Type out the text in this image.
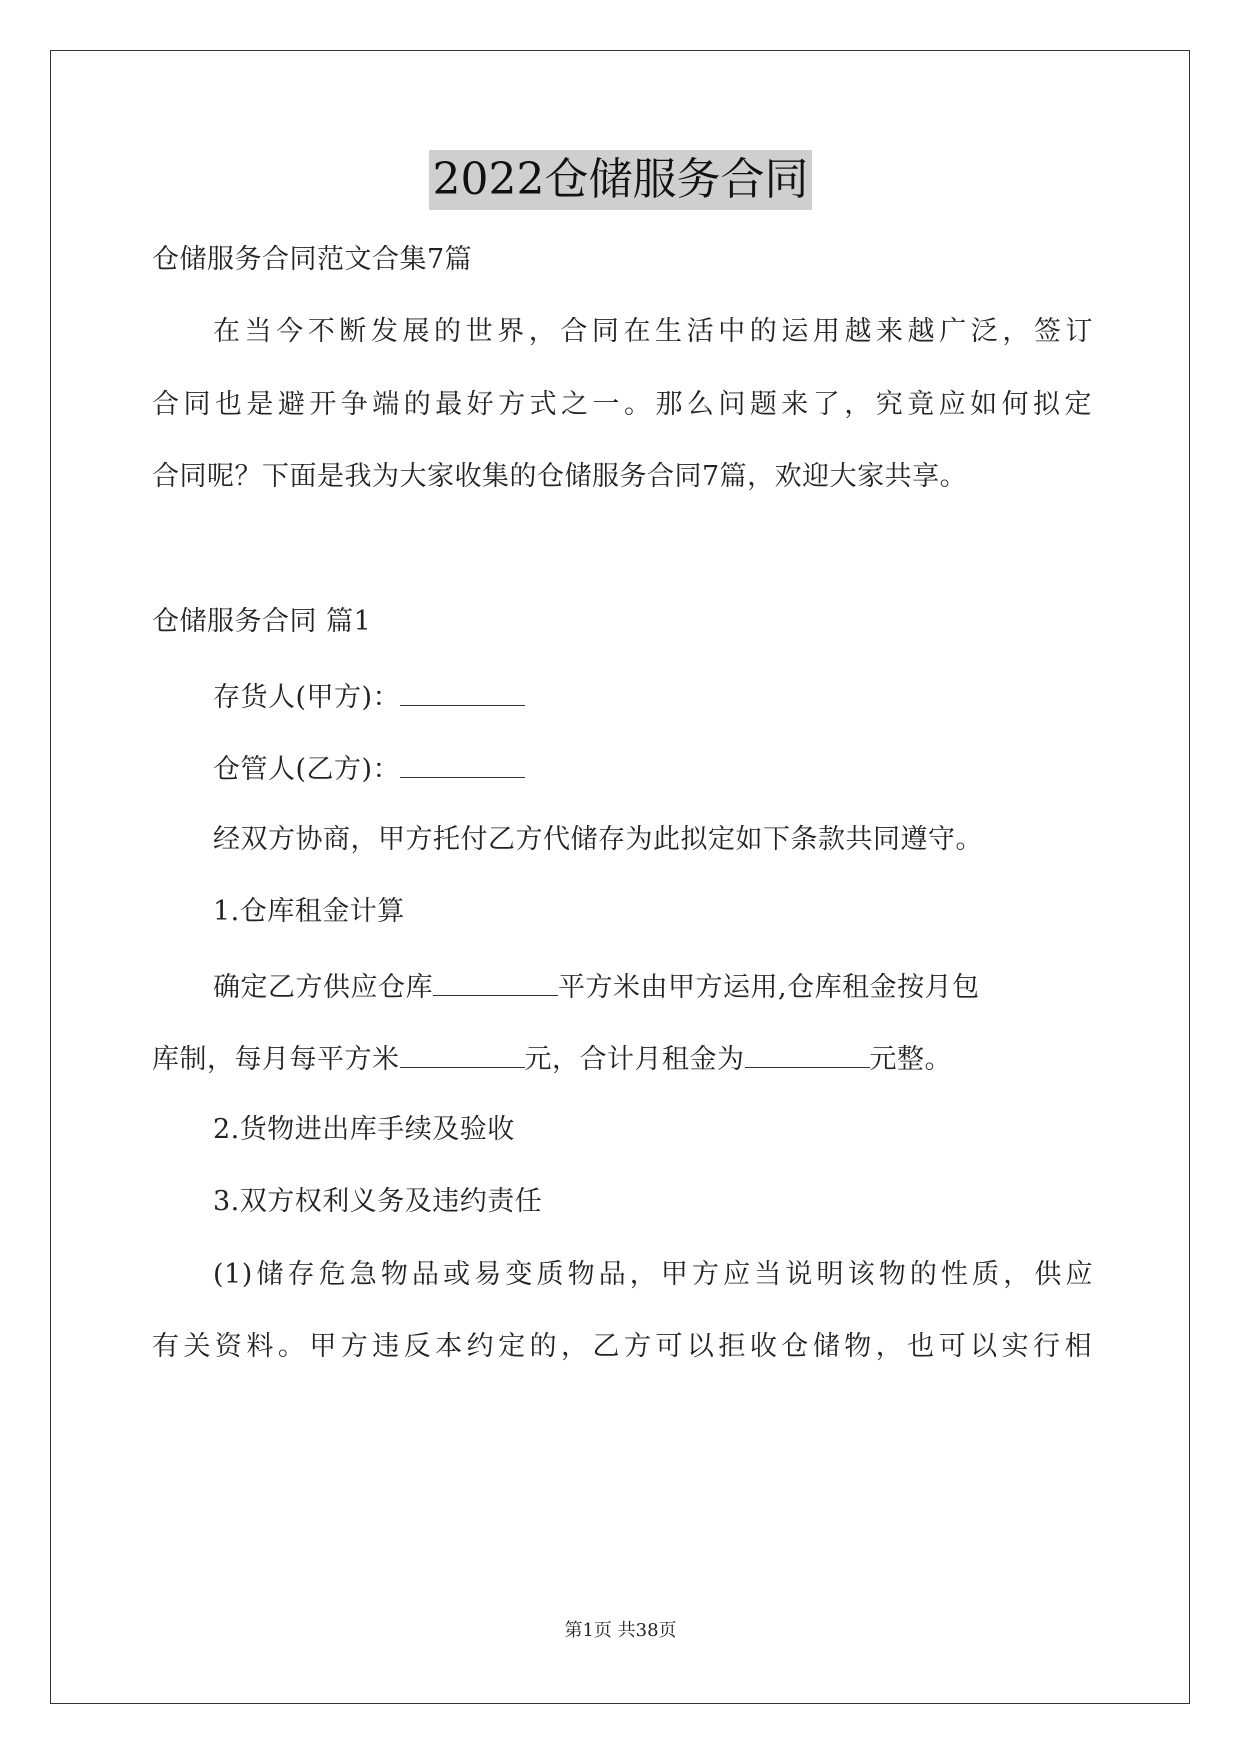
2022仓储服务合同
仓储服务合同范文合集7篇
在当今不断发展的世界，合同在生活中的运用越来越广泛，签订
合同也是避开争端的最好方式之一。那么问题来了，究竟应如何拟定
合同呢？下面是我为大家收集的仓储服务合同7篇，欢迎大家共享。
仓储服务合同 篇1
存货人(甲方)：
仓管人(乙方)：
经双方协商，甲方托付乙方代储存为此拟定如下条款共同遵守。
1.仓库租金计算
确定乙方供应仓库	平方米由甲方运用,仓库租金按月包
库制，每月每平方米	元，合计月租金为	元整。
2.货物进出库手续及验收
3.双方权利义务及违约责任
(1)储存危急物品或易变质物品，甲方应当说明该物的性质，供应
有关资料。甲方违反本约定的，乙方可以拒收仓储物，也可以实行相
第1页 共38页
